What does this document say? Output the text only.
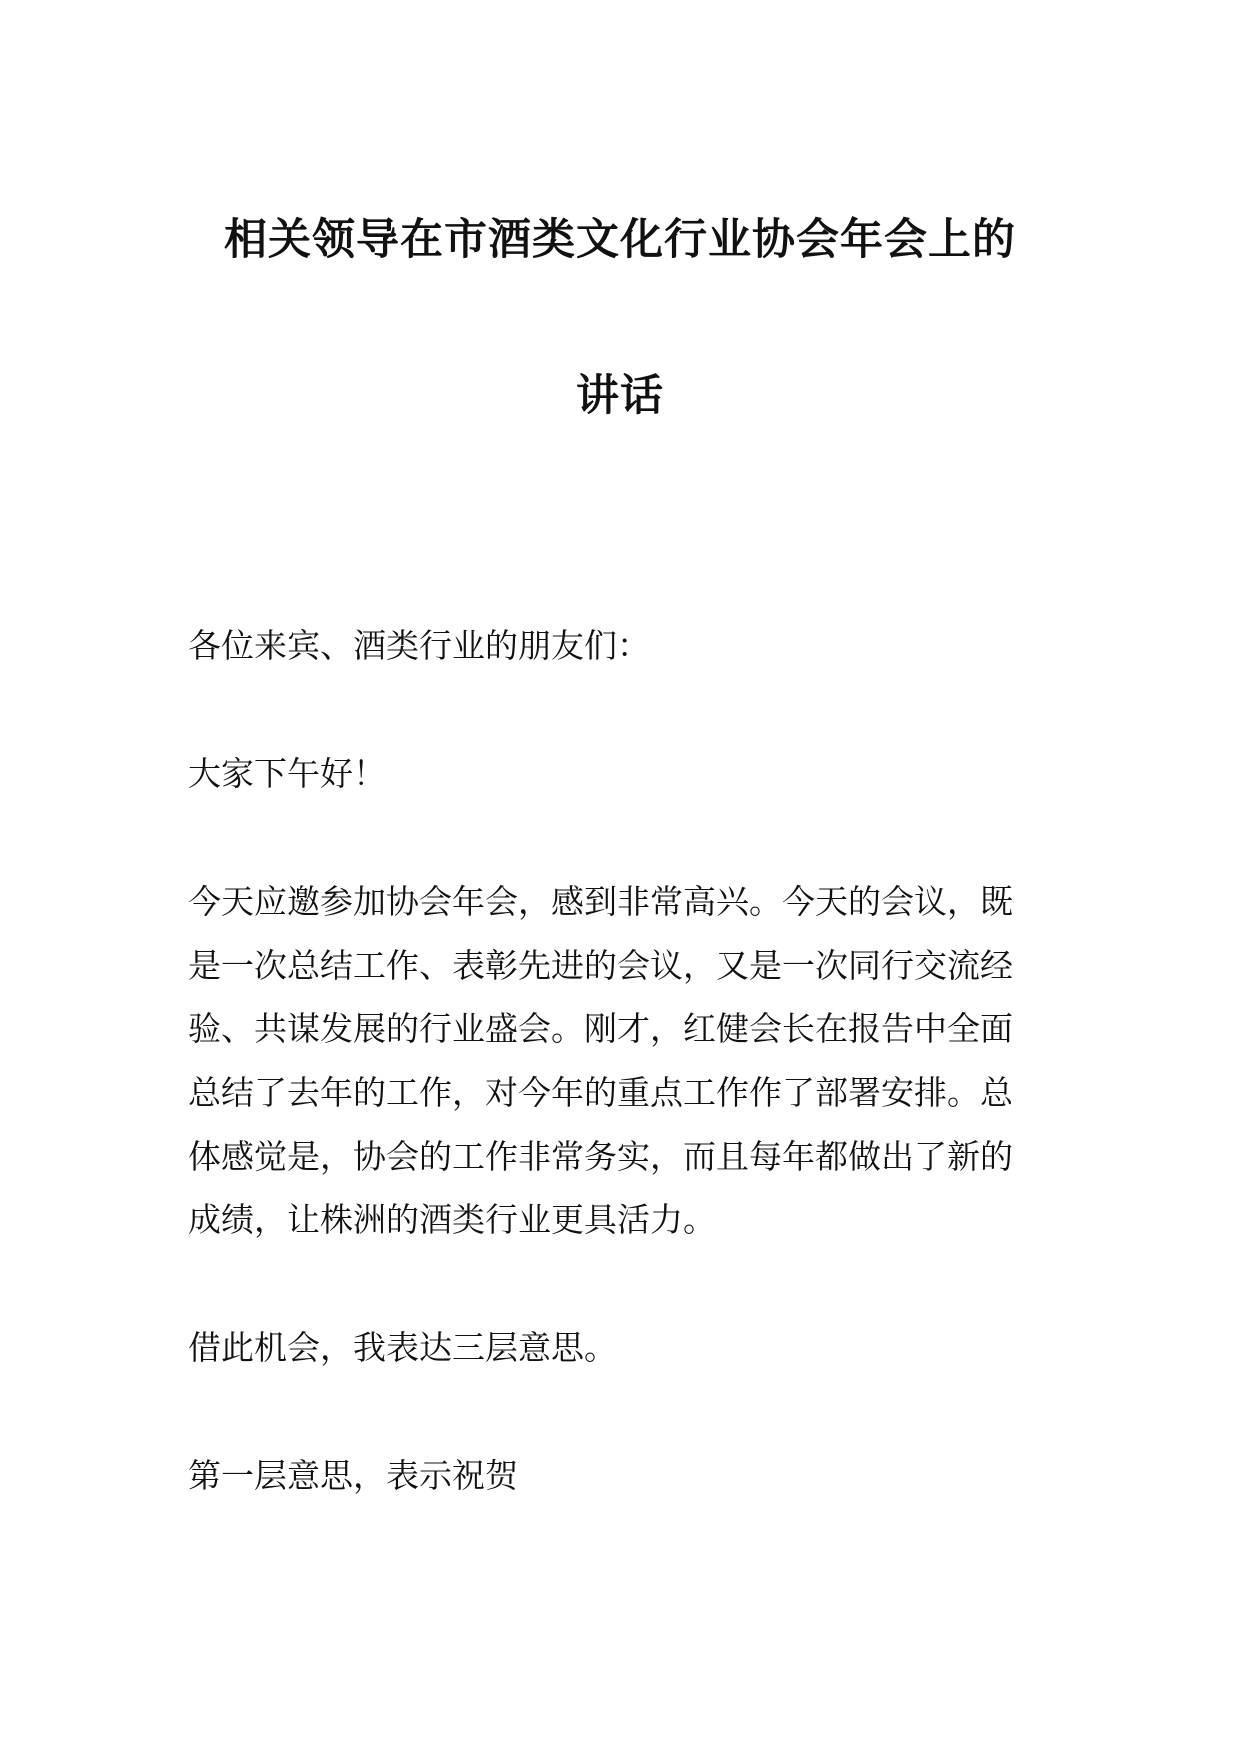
相关领导在市酒类文化行业协会年会上的
讲话
各位来宾、酒类行业的朋友们：
大家下午好！
今天应邀参加协会年会，感到非常高兴。今天的会议，既
是一次总结工作、表彰先进的会议，又是一次同行交流经
验、共谋发展的行业盛会。刚才，红健会长在报告中全面
总结了去年的工作，对今年的重点工作作了部署安排。总
体感觉是，协会的工作非常务实，而且每年都做出了新的
成绩，让株洲的酒类行业更具活力。
借此机会，我表达三层意思。
第一层意思，表示祝贺
